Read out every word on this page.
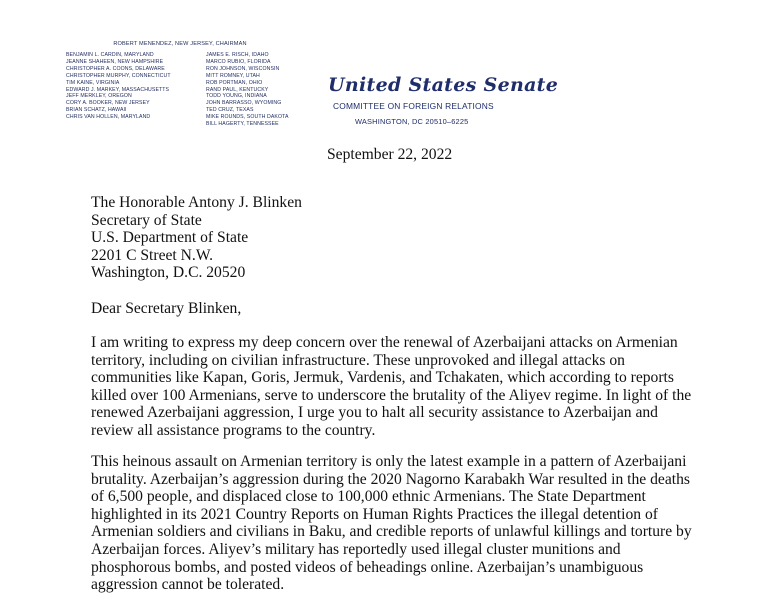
ROBERT MENENDEZ, NEW JERSEY, CHAIRMAN
BENJAMIN L. CARDIN, MARYLAND
JEANNE SHAHEEN, NEW HAMPSHIRE
CHRISTOPHER A. COONS, DELAWARE
CHRISTOPHER MURPHY, CONNECTICUT
TIM KAINE, VIRGINIA
EDWARD J. MARKEY, MASSACHUSETTS
JEFF MERKLEY, OREGON
CORY A. BOOKER, NEW JERSEY
BRIAN SCHATZ, HAWAII
CHRIS VAN HOLLEN, MARYLAND
JAMES E. RISCH, IDAHO
MARCO RUBIO, FLORIDA
RON JOHNSON, WISCONSIN
MITT ROMNEY, UTAH
ROB PORTMAN, OHIO
RAND PAUL, KENTUCKY
TODD YOUNG, INDIANA
JOHN BARRASSO, WYOMING
TED CRUZ, TEXAS
MIKE ROUNDS, SOUTH DAKOTA
BILL HAGERTY, TENNESSEE
United States Senate
COMMITTEE ON FOREIGN RELATIONS
WASHINGTON, DC 20510–6225
September 22, 2022
The Honorable Antony J. Blinken
Secretary of State
U.S. Department of State
2201 C Street N.W.
Washington, D.C. 20520
Dear Secretary Blinken,

I am writing to express my deep concern over the renewal of Azerbaijani attacks on Armenian
territory, including on civilian infrastructure. These unprovoked and illegal attacks on
communities like Kapan, Goris, Jermuk, Vardenis, and Tchakaten, which according to reports
killed over 100 Armenians, serve to underscore the brutality of the Aliyev regime. In light of the
renewed Azerbaijani aggression, I urge you to halt all security assistance to Azerbaijan and
review all assistance programs to the country.

This heinous assault on Armenian territory is only the latest example in a pattern of Azerbaijani
brutality. Azerbaijan’s aggression during the 2020 Nagorno Karabakh War resulted in the deaths
of 6,500 people, and displaced close to 100,000 ethnic Armenians. The State Department
highlighted in its 2021 Country Reports on Human Rights Practices the illegal detention of
Armenian soldiers and civilians in Baku, and credible reports of unlawful killings and torture by
Azerbaijan forces. Aliyev’s military has reportedly used illegal cluster munitions and
phosphorous bombs, and posted videos of beheadings online. Azerbaijan’s unambiguous
aggression cannot be tolerated.
